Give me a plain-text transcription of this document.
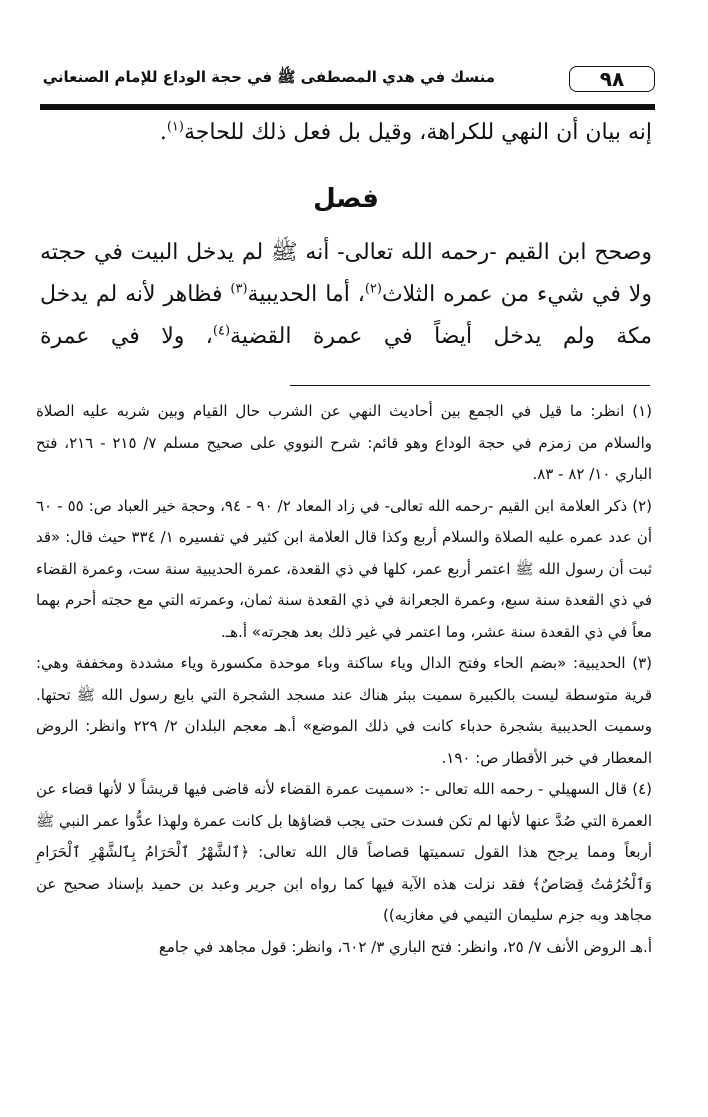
٩٨
منسك في هدي المصطفى ﷺ في حجة الوداع للإمام الصنعاني

إنه بيان أن النهي للكراهة، وقيل بل فعل ذلك للحاجة$^{(١)}$.

فصل

وصحح ابن القيم -رحمه الله تعالى- أنه ﷺ لم يدخل البيت في حجته ولا في شيء من عمره الثلاث$^{(٢)}$، أما الحديبية$^{(٣)}$ فظاهر لأنه لم يدخل مكة ولم يدخل أيضاً في عمرة القضية$^{(٤)}$، ولا في عمرة

(١) انظر: ما قيل في الجمع بين أحاديث النهي عن الشرب حال القيام وبين شربه عليه الصلاة والسلام من زمزم في حجة الوداع وهو قائم: شرح النووي على صحيح مسلم ٧/ ٢١٥ - ٢١٦، فتح الباري ١٠/ ٨٢ - ٨٣.

(٢) ذكر العلامة ابن القيم -رحمه الله تعالى- في زاد المعاد ٢/ ٩٠ - ٩٤، وحجة خير العباد ص: ٥٥ - ٦٠ أن عدد عمره عليه الصلاة والسلام أربع وكذا قال العلامة ابن كثير في تفسيره ١/ ٣٣٤ حيث قال: «قد ثبت أن رسول الله ﷺ اعتمر أربع عمر، كلها في ذي القعدة، عمرة الحديبية سنة ست، وعمرة القضاء في ذي القعدة سنة سبع، وعمرة الجعرانة في ذي القعدة سنة ثمان، وعمرته التي مع حجته أحرم بهما معاً في ذي القعدة سنة عشر، وما اعتمر في غير ذلك بعد هجرته» أ.هـ.

(٣) الحديبية: «بضم الحاء وفتح الدال وياء ساكنة وباء موحدة مكسورة وياء مشددة ومخففة وهي: قرية متوسطة ليست بالكبيرة سميت ببئر هناك عند مسجد الشجرة التي بايع رسول الله ﷺ تحتها. وسميت الحديبية بشجرة حدباء كانت في ذلك الموضع» أ.هـ معجم البلدان ٢/ ٢٢٩ وانظر: الروض المعطار في خبر الأقطار ص: ١٩٠.

(٤) قال السهيلي - رحمه الله تعالى -: «سميت عمرة القضاء لأنه قاضى فيها قريشاً لا لأنها قضاء عن العمرة التي صُدَّ عنها لأنها لم تكن فسدت حتى يجب قضاؤها بل كانت عمرة ولهذا عدُّوا عمر النبي ﷺ أربعاً ومما يرجح هذا القول تسميتها قصاصاً قال الله تعالى: ﴿ٱلشَّهْرُ ٱلْحَرَامُ بِٱلشَّهْرِ ٱلْحَرَامِ وَٱلْحُرُمَٰتُ قِصَاصٌ﴾ فقد نزلت هذه الآية فيها كما رواه ابن جرير وعبد بن حميد بإسناد صحيح عن مجاهد وبه جزم سليمان التيمي في مغازيه))

أ.هـ الروض الأنف ٧/ ٢٥، وانظر: فتح الباري ٣/ ٦٠٢، وانظر: قول مجاهد في جامع
